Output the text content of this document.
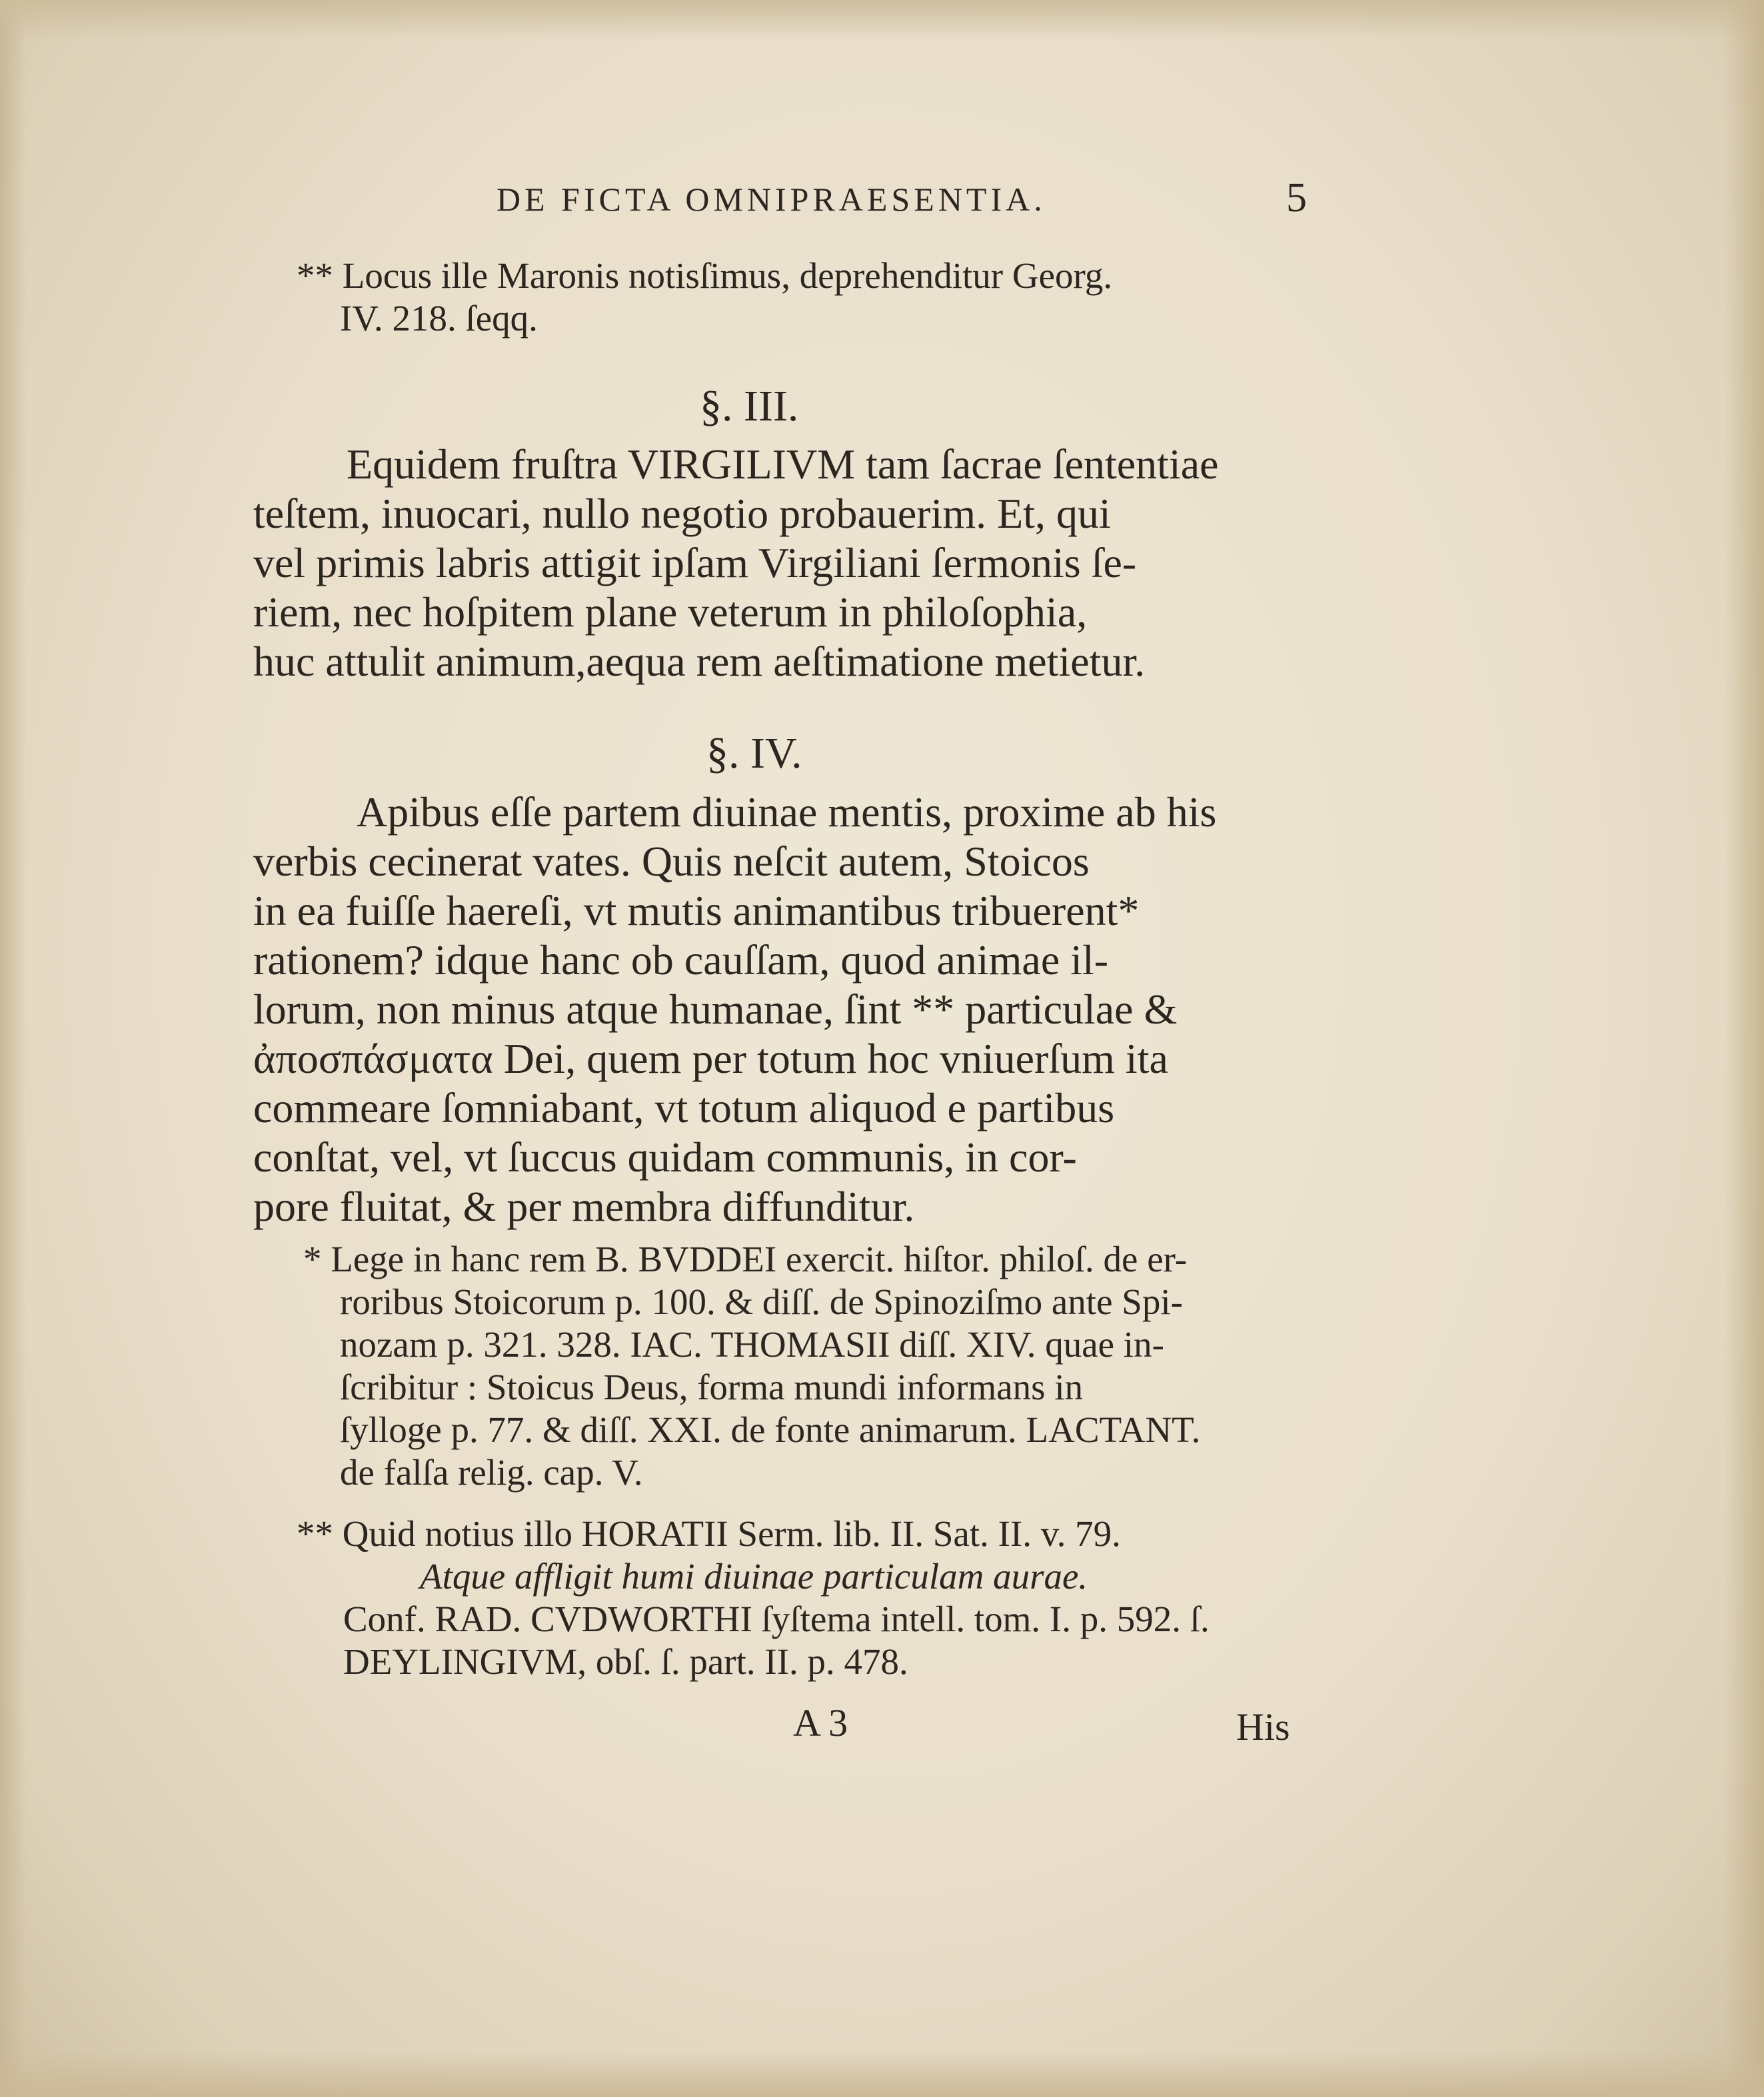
DE FICTA OMNIPRAESENTIA.	5
** Locus ille Maronis notisſimus, deprehenditur Georg.
IV. 218. ſeqq.
§. III.
Equidem fruſtra VIRGILIVM tam ſacrae ſententiae
teſtem, inuocari, nullo negotio probauerim. Et, qui
vel primis labris attigit ipſam Virgiliani ſermonis ſe-
riem, nec hoſpitem plane veterum in philoſophia,
huc attulit animum,aequa rem aeſtimatione metietur.
§. IV.
Apibus eſſe partem diuinae mentis, proxime ab his
verbis cecinerat vates. Quis neſcit autem, Stoicos
in ea fuiſſe haereſi, vt mutis animantibus tribuerent*
rationem? idque hanc ob cauſſam, quod animae il-
lorum, non minus atque humanae, ſint ** particulae &
ἀποσπάσματα Dei, quem per totum hoc vniuerſum ita
commeare ſomniabant, vt totum aliquod e partibus
conſtat, vel, vt ſuccus quidam communis, in cor-
pore fluitat, & per membra diffunditur.
* Lege in hanc rem B. BVDDEI exercit. hiſtor. philoſ. de er-
roribus Stoicorum p. 100. & diſſ. de Spinoziſmo ante Spi-
nozam p. 321. 328. IAC. THOMASII diſſ. XIV. quae in-
ſcribitur : Stoicus Deus, forma mundi informans in
ſylloge p. 77. & diſſ. XXI. de fonte animarum. LACTANT.
de falſa relig. cap. V.
** Quid notius illo HORATII Serm. lib. II. Sat. II. v. 79.
Atque affligit humi diuinae particulam aurae.
Conf. RAD. CVDWORTHI ſyſtema intell. tom. I. p. 592. ſ.
DEYLINGIVM, obſ. ſ. part. II. p. 478.
A 3	His
